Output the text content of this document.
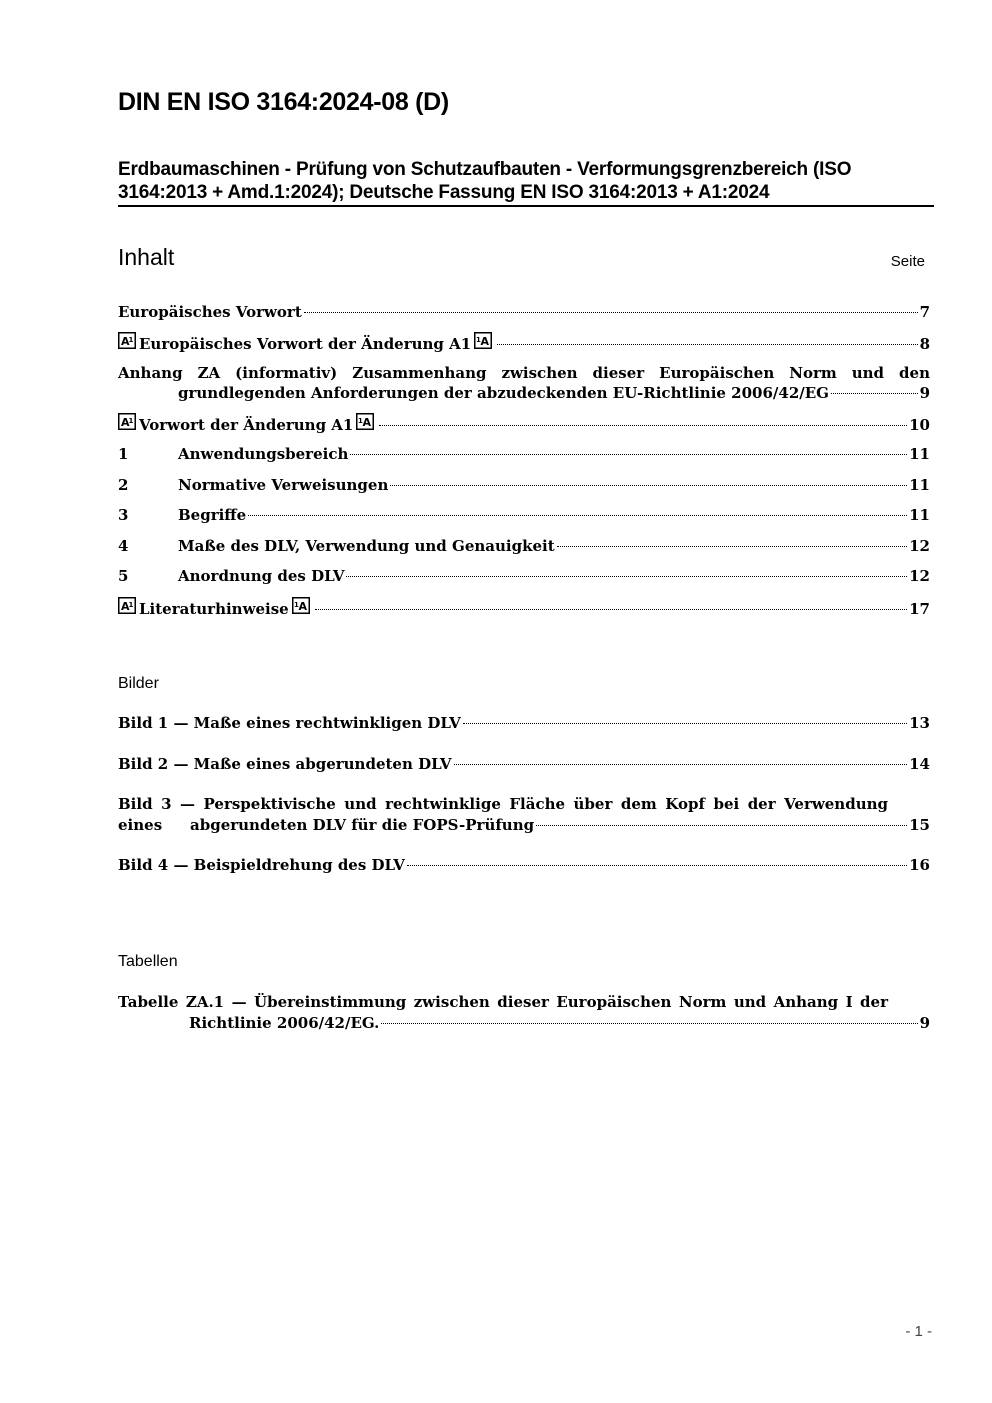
DIN EN ISO 3164:2024-08 (D)
Erdbaumaschinen - Prüfung von Schutzaufbauten - Verformungsgrenzbereich (ISO
3164:2013 + Amd.1:2024); Deutsche Fassung EN ISO 3164:2013 + A1:2024
Inhalt	Seite
Europäisches Vorwort	7
A
1 Europäisches Vorwort der Änderung A1 1 A	8
Anhang ZA (informativ) Zusammenhang zwischen dieser Europäischen Norm und den
grundlegenden Anforderungen der abzudeckenden EU-Richtlinie 2006/42/EG	9
A
1 Vorwort der Änderung A1 1 A	10
1	Anwendungsbereich	11
2	Normative Verweisungen	11
3	Begriffe	11
4	Maße des DLV, Verwendung und Genauigkeit	12
5	Anordnung des DLV	12
A
1 Literaturhinweise 1 A	17
Bilder
Bild 1 — Maße eines rechtwinkligen DLV	13
Bild 2 — Maße eines abgerundeten DLV	14
Bild 3 — Perspektivische und rechtwinklige Fläche über dem Kopf bei der Verwendung eines	abgerundeten DLV für die FOPS-Prüfung	15
Bild 4 — Beispieldrehung des DLV	16
Tabellen
Tabelle ZA.1 — Übereinstimmung zwischen dieser Europäischen Norm und Anhang I der
Richtlinie 2006/42/EG.	9
- 1 -
